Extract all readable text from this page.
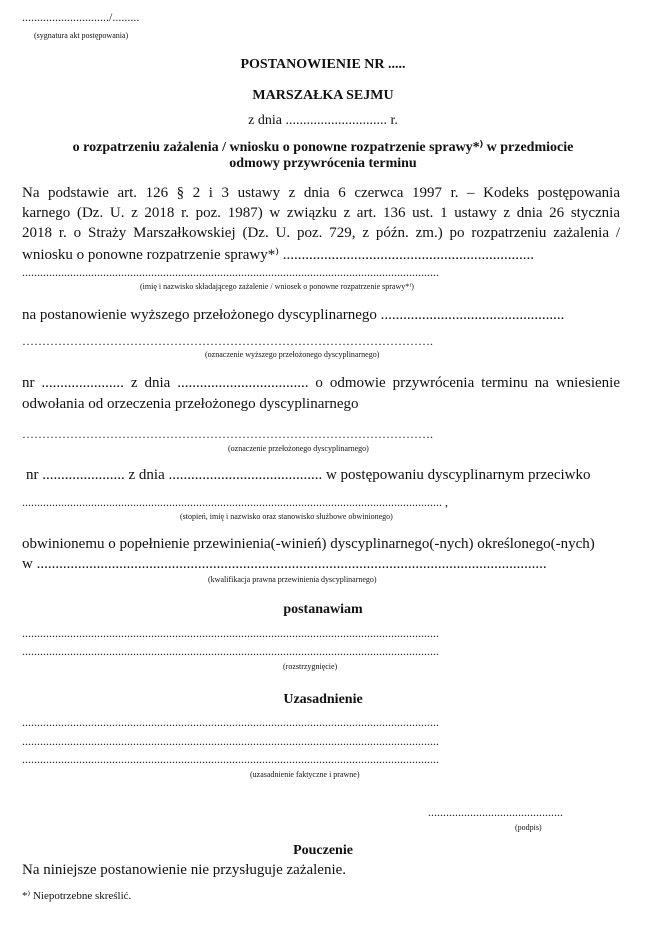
............................./.........
(sygnatura akt postępowania)
POSTANOWIENIE NR .....
MARSZAŁKA SEJMU
z dnia ............................. r.
o rozpatrzeniu zażalenia / wniosku o ponowne rozpatrzenie sprawy*⁾ w przedmiocie
odmowy przywrócenia terminu
Na podstawie art. 126 § 2 i 3 ustawy z dnia 6 czerwca 1997 r. – Kodeks postępowania
karnego (Dz. U. z 2018 r. poz. 1987) w związku z art. 136 ust. 1 ustawy z dnia 26 stycznia
2018 r. o Straży Marszałkowskiej (Dz. U. poz. 729, z późn. zm.) po rozpatrzeniu zażalenia /
wniosku o ponowne rozpatrzenie sprawy*⁾ ...................................................................
...........................................................................................................................................
(imię i nazwisko składającego zażalenie / wniosek o ponowne rozpatrzenie sprawy*⁾)
na postanowienie wyższego przełożonego dyscyplinarnego .................................................
………………………………………………………………………………………….
(oznaczenie wyższego przełożonego dyscyplinarnego)
nr ...................... z dnia ................................... o odmowie przywrócenia terminu na wniesienie
odwołania od orzeczenia przełożonego dyscyplinarnego
………………………………………………………………………………………….
(oznaczenie przełożonego dyscyplinarnego)
nr ...................... z dnia ......................................... w postępowaniu dyscyplinarnym przeciwko
............................................................................................................................................ ,
(stopień, imię i nazwisko oraz stanowisko służbowe obwinionego)
obwinionemu o popełnienie przewinienia(-winień) dyscyplinarnego(-nych) określonego(-nych)
w ........................................................................................................................................
(kwalifikacja prawna przewinienia dyscyplinarnego)
postanawiam
...........................................................................................................................................
...........................................................................................................................................
(rozstrzygnięcie)
Uzasadnienie
...........................................................................................................................................
...........................................................................................................................................
...........................................................................................................................................
(uzasadnienie faktyczne i prawne)
.............................................
(podpis)
Pouczenie
Na niniejsze postanowienie nie przysługuje zażalenie.
*⁾ Niepotrzebne skreślić.
